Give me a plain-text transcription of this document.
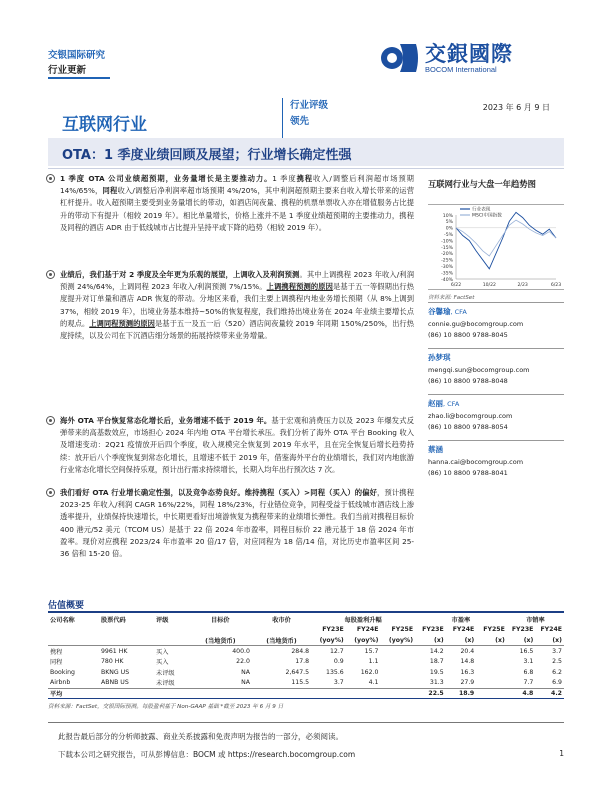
交银国际研究
行业更新
交銀國際
BOCOM International
互联网行业
行业评级
领先
2023 年 6 月 9 日
OTA：1 季度业绩回顾及展望；行业增长确定性强
1 季度 OTA 公司业绩超预期，业务量增长是主要推动力。1 季度携程收入/调整后利润超市场预期 14%/65%，同程收入/调整后净利润率超市场预期 4%/20%，其中利润超预期主要来自收入增长带来的运营杠杆提升。收入超预期主要受到业务量增长的带动，如酒店间夜量、携程的机票单票收入亦在增值服务占比提升的带动下有提升（相较 2019 年）。相比单量增长，价格上涨并不是 1 季度业绩超预期的主要推动力，携程及同程的酒店 ADR 由于低线城市占比提升呈持平或下降的趋势（相较 2019 年）。
业绩后，我们基于对 2 季度及全年更为乐观的展望，上调收入及利润预测。其中上调携程 2023 年收入/利润预测 24%/64%，上调同程 2023 年收入/利润预测 7%/15%。上调携程预测的原因是基于五一等假期出行热度提升对订单量和酒店 ADR 恢复的带动。分地区来看，我们主要上调携程内地业务增长预期（从 8%上调到 37%，相较 2019 年），出境业务基本维持~50%的恢复程度，我们维持出境业务在 2024 年业绩主要增长点的观点。上调同程预测的原因是基于五一及五一后（520）酒店间夜量较 2019 年同期 150%/250%，出行热度持续，以及公司在下沉酒店细分场景的拓展持续带来业务增量。
海外 OTA 平台恢复常态化增长后，业务增速不低于 2019 年。基于宏观和消费压力以及 2023 年爆发式反弹带来的高基数效应，市场担心 2024 年内地 OTA 平台增长承压。我们分析了海外 OTA 平台 Booking 收入及增速变动：2Q21 疫情放开后四个季度，收入规模完全恢复到 2019 年水平，且在完全恢复后增长趋势持续：放开后八个季度恢复到常态化增长，且增速不低于 2019 年，借鉴海外平台的业绩增长，我们对内地旅游行业常态化增长空间保持乐观，预计出行需求持续增长，长期入均年出行预次达 7 次。
我们看好 OTA 行业增长确定性强，以及竞争态势良好。维持携程（买入）>同程（买入）的偏好，预计携程 2023-25 年收入/利润 CAGR 16%/22%，同程 18%/23%，行业错位竞争，同程受益于低线城市酒店线上渗透率提升，业绩保持快速增长，中长期更看好出境游恢复为携程带来的业绩增长弹性。我们当前对携程目标价 400 港元/52 美元（TCOM US）是基于 22 倍 2024 年市盈率，同程目标价 22 港元基于 18 倍 2024 年市盈率。现价对应携程 2023/24 年市盈率 20 倍/17 倍，对应同程为 18 倍/14 倍，对比历史市盈率区间 25-36 倍和 15-20 倍。
互联网行业与大盘一年趋势图
10%
5%
0%
-5%
-10%
-15%
-20%
-25%
-30%
-35%
-40%
6/22	10/22	2/23	6/23
行业表现
MSCI中国指数
资料来源: FactSet
谷馨瑜, CFA
connie.gu@bocomgroup.com
(86) 10 8800 9788-8045
孙梦琪
mengqi.sun@bocomgroup.com
(86) 10 8800 9788-8048
赵丽, CFA
zhao.li@bocomgroup.com
(86) 10 8800 9788-8054
蔡涵
hanna.cai@bocomgroup.com
(86) 10 8800 9788-8041
估值概要
公司名称	股票代码	评级	目标价	收市价	每股盈利升幅			市盈率			市销率	
					FY23E	FY24E	FY25E	FY23E	FY24E	FY25E	FY23E	FY24E
			(当地货币)	(当地货币)	(yoy%)	(yoy%)	(yoy%)	(x)	(x)	(x)	(x)	(x)
携程	9961 HK	买入	400.0	284.8	12.7	15.7		14.2	20.4		16.5	3.7
同程	780 HK	买入	22.0	17.8	0.9	1.1		18.7	14.8		3.1	2.5
Booking	BKNG US	未评级	NA	2,647.5	135.6	162.0		19.5	16.3		6.8	6.2
Airbnb	ABNB US	未评级	NA	115.5	3.7	4.1		31.3	27.9		7.7	6.9
平均								22.5	18.9		4.8	4.2
资料来源：FactSet，交银国际预测。每股盈利基于 Non-GAAP 基础 *截至 2023 年 6 月 9 日
此报告最后部分的分析师披露、商业关系披露和免责声明为报告的一部分，必须阅读。
下载本公司之研究报告，可从彭博信息：BOCM 或 https://research.bocomgroup.com	1
